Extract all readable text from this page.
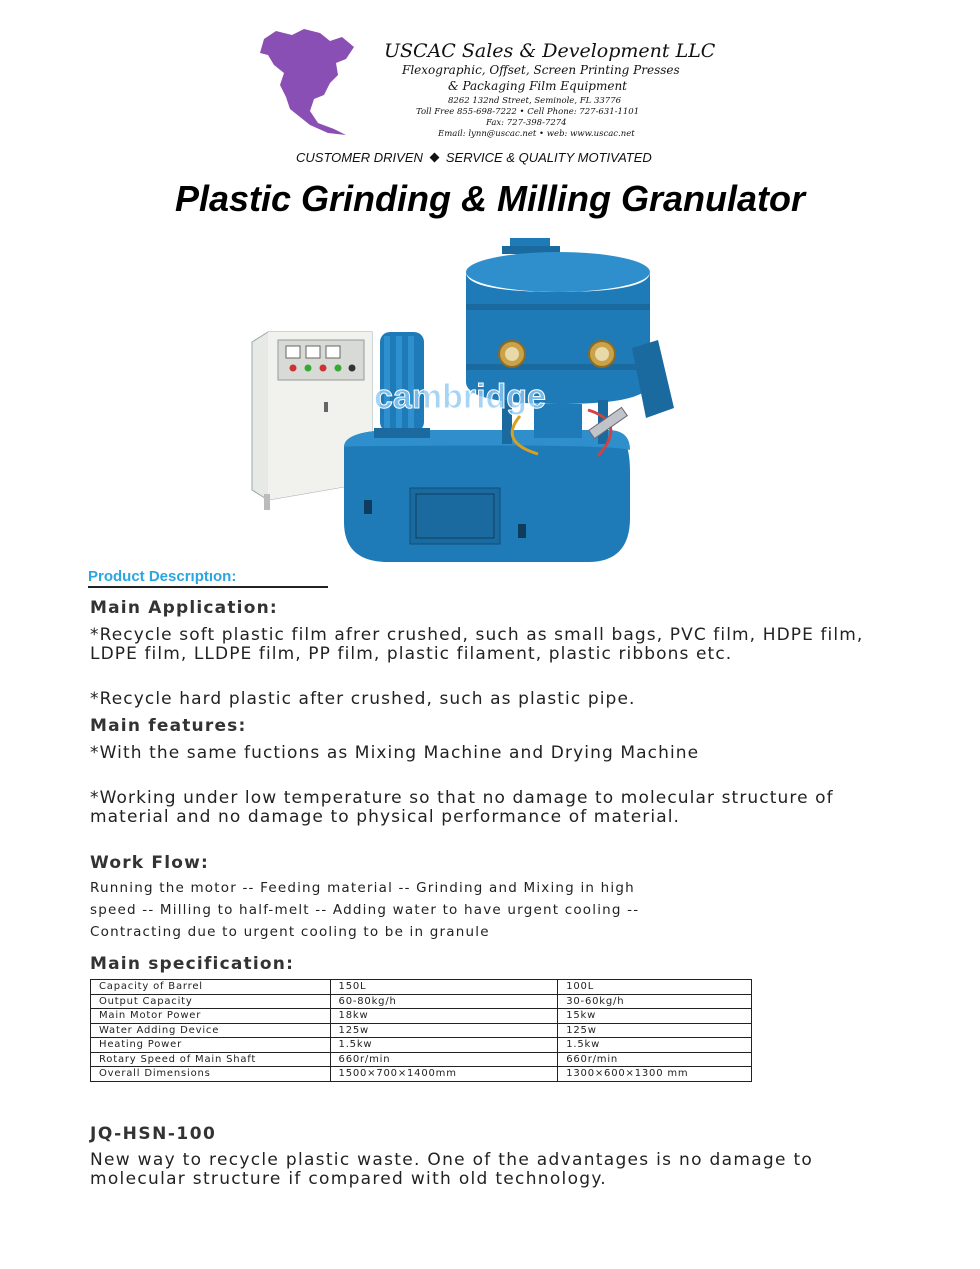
USCAC Sales & Development LLC
Flexographic, Offset, Screen Printing Presses
& Packaging Film Equipment
8262 132nd Street, Seminole, FL 33776
Toll Free 855-698-7222 • Cell Phone: 727-631-1101
Fax: 727-398-7274
Email: lynn@uscac.net • web: www.uscac.net
CUSTOMER DRIVEN SERVICE & QUALITY MOTIVATED
Plastic Grinding & Milling Granulator
cambridge
Product Descrıptıon:
Main Application:
*Recycle soft plastic film afrer crushed, such as small bags, PVC film, HDPE film, LDPE film, LLDPE film, PP film, plastic filament, plastic ribbons etc.
*Recycle hard plastic after crushed, such as plastic pipe.
Main features:
*With the same fuctions as Mixing Machine and Drying Machine
*Working under low temperature so that no damage to molecular structure of material and no damage to physical performance of material.
Work Flow:
Running the motor -- Feeding material -- Grinding and Mixing in high
speed -- Milling to half-melt -- Adding water to have urgent cooling --
Contracting due to urgent cooling to be in granule
Main specification:
Capacity of Barrel	150L	100L
Output Capacity	60-80kg/h	30-60kg/h
Main Motor Power	18kw	15kw
Water Adding Device	125w	125w
Heating Power	1.5kw	1.5kw
Rotary Speed of Main Shaft	660r/min	660r/min
Overall Dimensions	1500×700×1400mm	1300×600×1300 mm
JQ-HSN-100
New way to recycle plastic waste. One of the advantages is no damage to molecular structure if compared with old technology.
